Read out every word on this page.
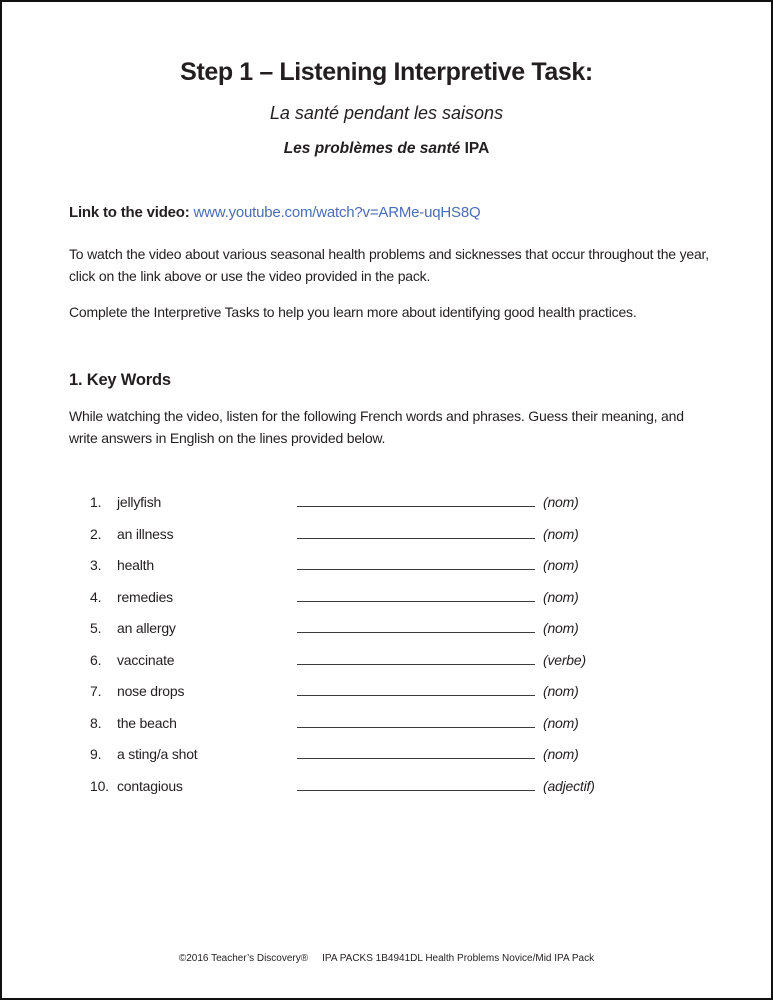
Step 1 – Listening Interpretive Task:
La santé pendant les saisons
Les problèmes de santé IPA
Link to the video: www.youtube.com/watch?v=ARMe-uqHS8Q

To watch the video about various seasonal health problems and sicknesses that occur throughout the year, click on the link above or use the video provided in the pack.

Complete the Interpretive Tasks to help you learn more about identifying good health practices.

1. Key Words

While watching the video, listen for the following French words and phrases. Guess their meaning, and write answers in English on the lines provided below.

1.	jellyfish	(nom)
2.	an illness	(nom)
3.	health	(nom)
4.	remedies	(nom)
5.	an allergy	(nom)
6.	vaccinate	(verbe)
7.	nose drops	(nom)
8.	the beach	(nom)
9.	a sting/a shot	(nom)
10. contagious	(adjectif)
©2016 Teacher’s Discovery® IPA PACKS 1B4941DL Health Problems Novice/Mid IPA Pack
